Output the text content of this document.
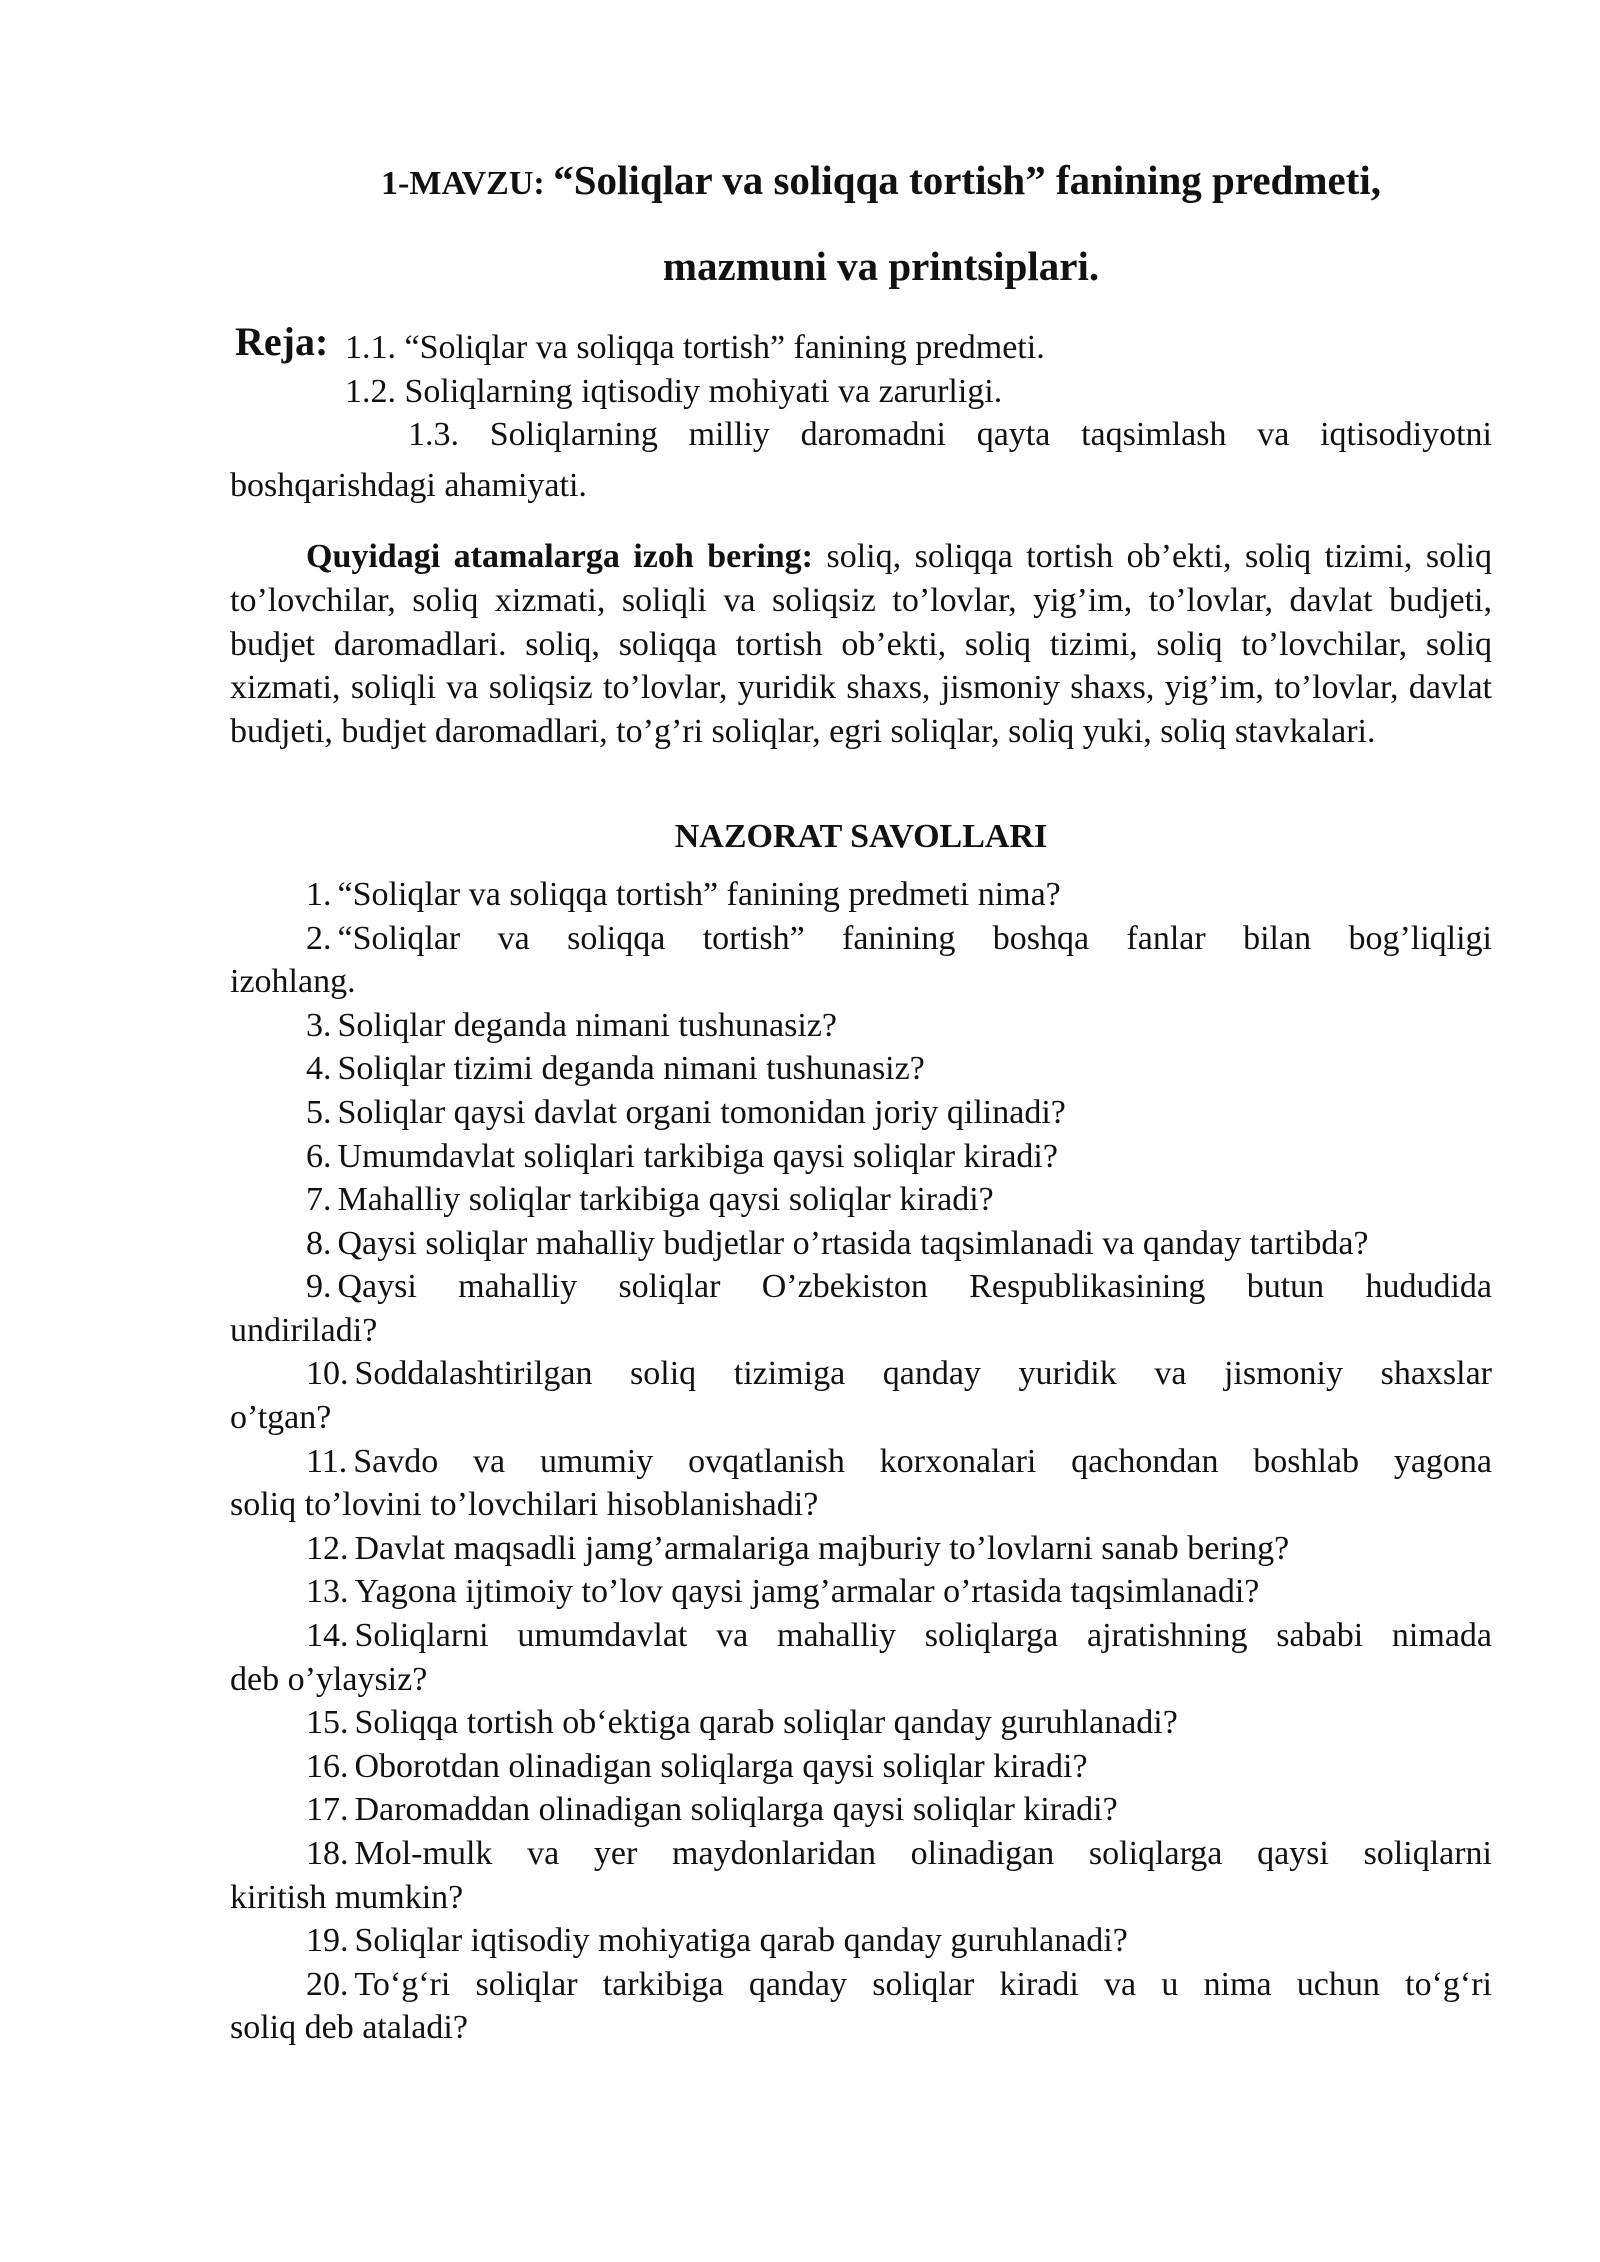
1-MAVZU: “Soliqlar va soliqqa tortish” fanining predmeti,
mazmuni va printsiplari.
Reja: 1.1. “Soliqlar va soliqqa tortish” fanining predmeti.
1.2. Soliqlarning iqtisodiy mohiyati va zarurligi.
1.3. Soliqlarning milliy daromadni qayta taqsimlash va iqtisodiyotni
boshqarishdagi ahamiyati.

Quyidagi atamalarga izoh bering: soliq, soliqqa tortish ob’ekti, soliq tizimi, soliq to’lovchilar, soliq xizmati, soliqli va soliqsiz to’lovlar, yig’im, to’lovlar, davlat budjeti, budjet daromadlari. soliq, soliqqa tortish ob’ekti, soliq tizimi, soliq to’lovchilar, soliq xizmati, soliqli va soliqsiz to’lovlar, yuridik shaxs, jismoniy shaxs, yig’im, to’lovlar, davlat budjeti, budjet daromadlari, to’g’ri soliqlar, egri soliqlar, soliq yuki, soliq stavkalari.

NAZORAT SAVOLLARI
1. “Soliqlar va soliqqa tortish” fanining predmeti nima?
2. “Soliqlar va soliqqa tortish” fanining boshqa fanlar bilan bog’liqligi
izohlang.
3. Soliqlar deganda nimani tushunasiz?
4. Soliqlar tizimi deganda nimani tushunasiz?
5. Soliqlar qaysi davlat organi tomonidan joriy qilinadi?
6. Umumdavlat soliqlari tarkibiga qaysi soliqlar kiradi?
7. Mahalliy soliqlar tarkibiga qaysi soliqlar kiradi?
8. Qaysi soliqlar mahalliy budjetlar o’rtasida taqsimlanadi va qanday tartibda?
9. Qaysi mahalliy soliqlar O’zbekiston Respublikasining butun hududida
undiriladi?
10. Soddalashtirilgan soliq tizimiga qanday yuridik va jismoniy shaxslar
o’tgan?
11. Savdo va umumiy ovqatlanish korxonalari qachondan boshlab yagona
soliq to’lovini to’lovchilari hisoblanishadi?
12. Davlat maqsadli jamg’armalariga majburiy to’lovlarni sanab bering?
13. Yagona ijtimoiy to’lov qaysi jamg’armalar o’rtasida taqsimlanadi?
14. Soliqlarni umumdavlat va mahalliy soliqlarga ajratishning sababi nimada
deb o’ylaysiz?
15. Soliqqa tortish ob‘ektiga qarab soliqlar qanday guruhlanadi?
16. Oborotdan olinadigan soliqlarga qaysi soliqlar kiradi?
17. Daromaddan olinadigan soliqlarga qaysi soliqlar kiradi?
18. Mol-mulk va yer maydonlaridan olinadigan soliqlarga qaysi soliqlarni
kiritish mumkin?
19. Soliqlar iqtisodiy mohiyatiga qarab qanday guruhlanadi?
20. To‘g‘ri soliqlar tarkibiga qanday soliqlar kiradi va u nima uchun to‘g‘ri
soliq deb ataladi?
